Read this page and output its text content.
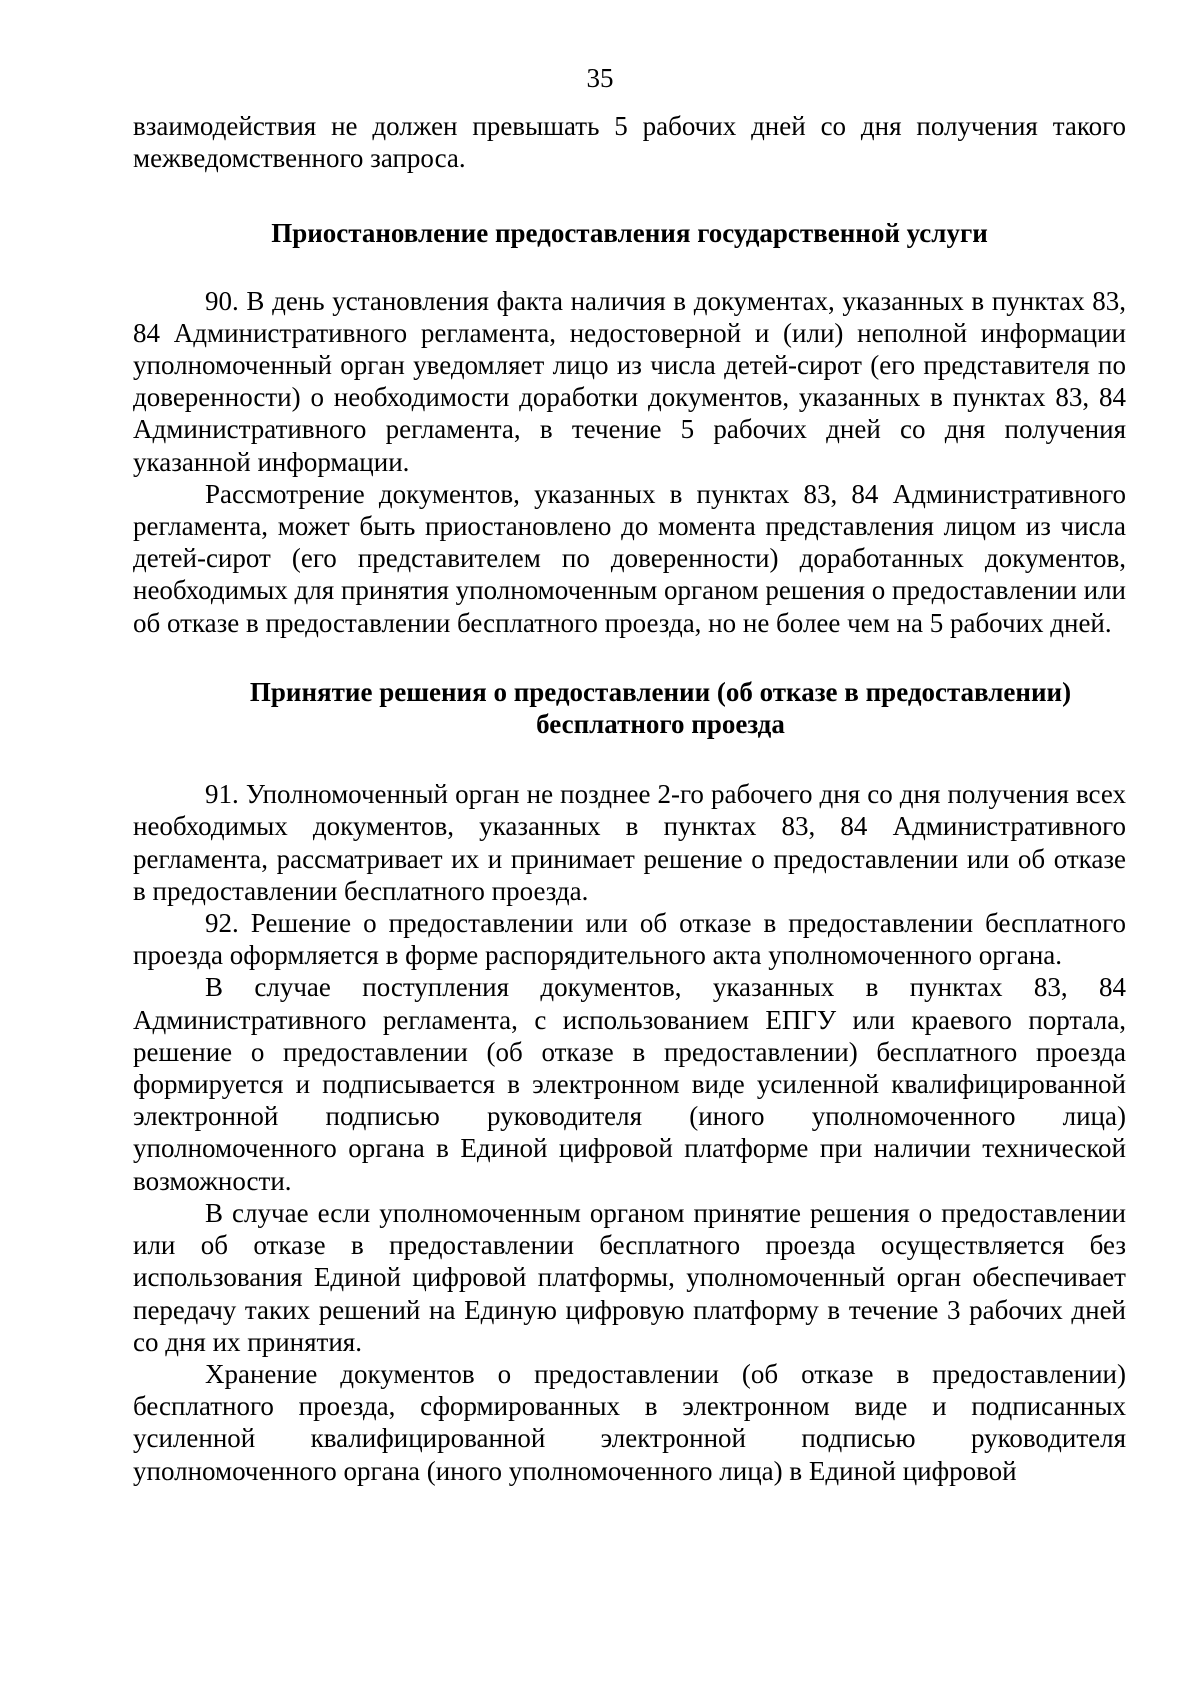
35

взаимодействия не должен превышать 5 рабочих дней со дня получения такого межведомственного запроса.

Приостановление предоставления государственной услуги

90. В день установления факта наличия в документах, указанных в пунктах 83, 84 Административного регламента, недостоверной и (или) неполной информации уполномоченный орган уведомляет лицо из числа детей-сирот (его представителя по доверенности) о необходимости доработки документов, указанных в пунктах 83, 84 Административного регламента, в течение 5 рабочих дней со дня получения указанной информации.

Рассмотрение документов, указанных в пунктах 83, 84 Административного регламента, может быть приостановлено до момента представления лицом из числа детей-сирот (его представителем по доверенности) доработанных документов, необходимых для принятия уполномоченным органом решения о предоставлении или об отказе в предоставлении бесплатного проезда, но не более чем на 5 рабочих дней.

Принятие решения о предоставлении (об отказе в предоставлении)

бесплатного проезда

91. Уполномоченный орган не позднее 2-го рабочего дня со дня получения всех необходимых документов, указанных в пунктах 83, 84 Административного регламента, рассматривает их и принимает решение о предоставлении или об отказе в предоставлении бесплатного проезда.

92. Решение о предоставлении или об отказе в предоставлении бесплатного проезда оформляется в форме распорядительного акта уполномоченного органа.

В случае поступления документов, указанных в пунктах 83, 84 Административного регламента, с использованием ЕПГУ или краевого портала, решение о предоставлении (об отказе в предоставлении) бесплатного проезда формируется и подписывается в электронном виде усиленной квалифицированной электронной подписью руководителя (иного уполномоченного лица) уполномоченного органа в Единой цифровой платформе при наличии технической возможности.

В случае если уполномоченным органом принятие решения о предоставлении или об отказе в предоставлении бесплатного проезда осуществляется без использования Единой цифровой платформы, уполномоченный орган обеспечивает передачу таких решений на Единую цифровую платформу в течение 3 рабочих дней со дня их принятия.

Хранение документов о предоставлении (об отказе в предоставлении) бесплатного проезда, сформированных в электронном виде и подписанных усиленной квалифицированной электронной подписью руководителя уполномоченного органа (иного уполномоченного лица) в Единой цифровой
